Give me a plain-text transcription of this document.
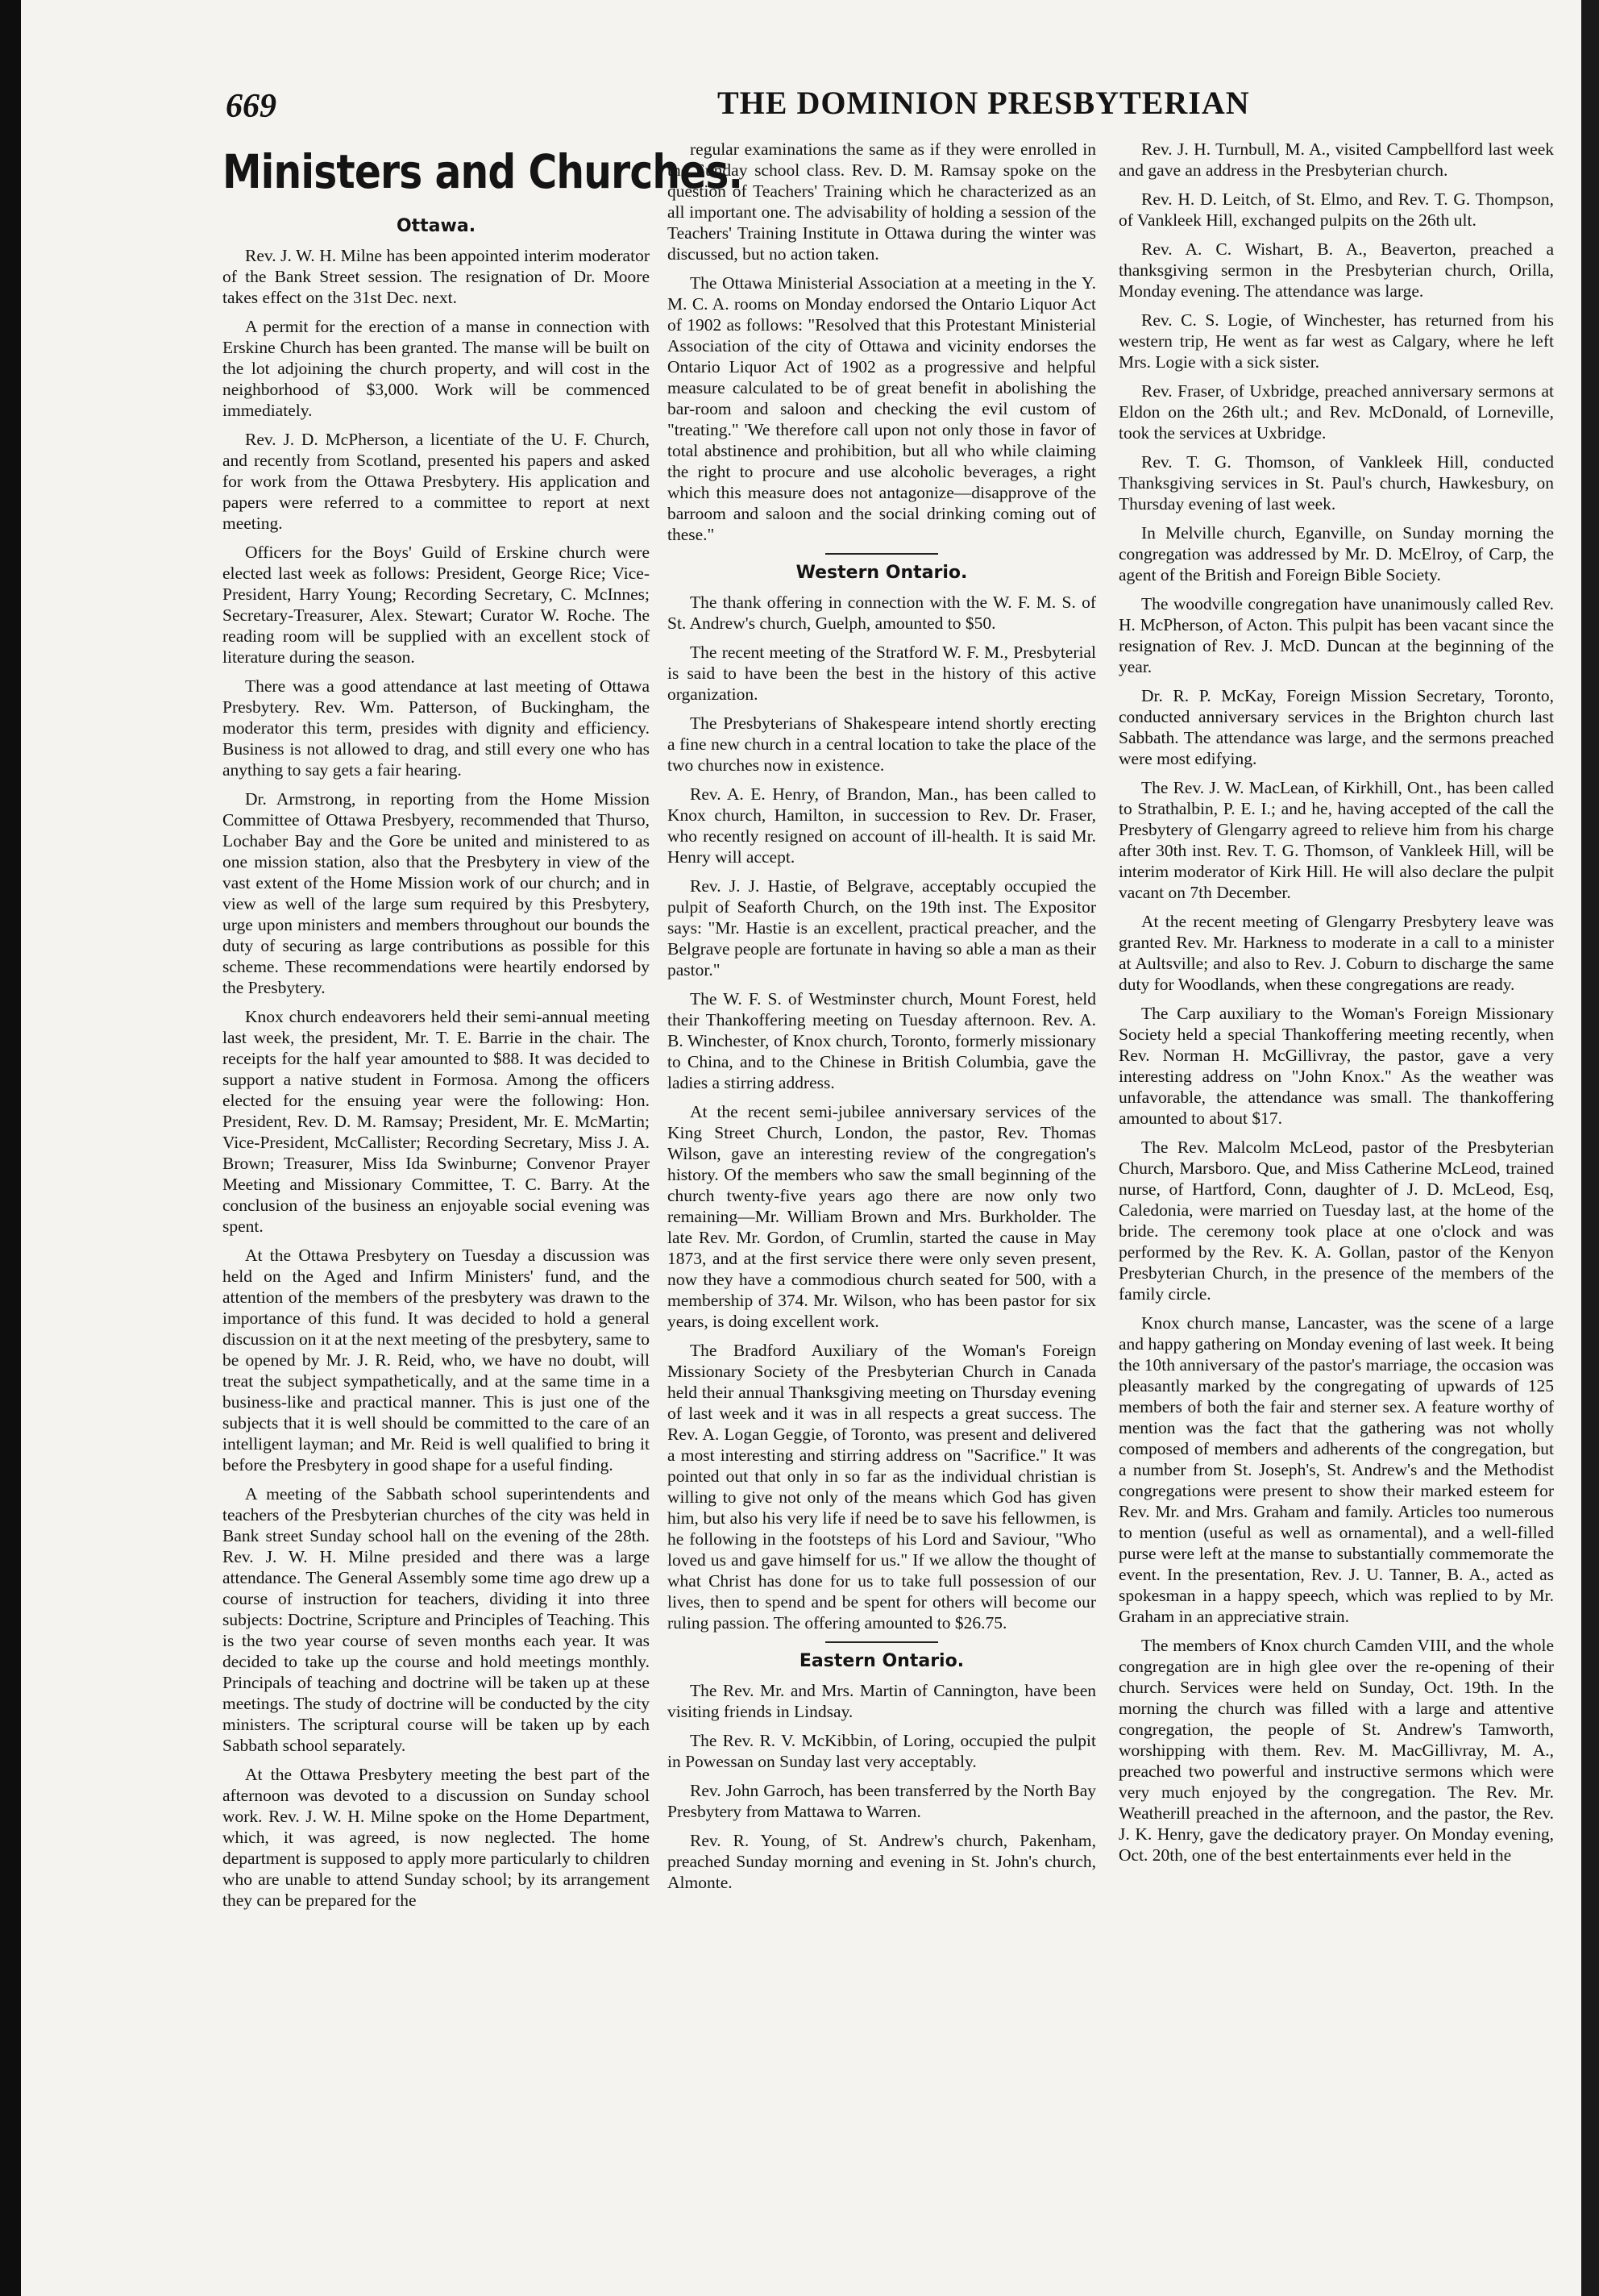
669	THE DOMINION PRESBYTERIAN
Ministers and Churches.
Ottawa.

Rev. J. W. H. Milne has been appointed interim moderator of the Bank Street session. The resignation of Dr. Moore takes effect on the 31st Dec. next.

A permit for the erection of a manse in connection with Erskine Church has been granted. The manse will be built on the lot adjoining the church property, and will cost in the neighborhood of $3,000. Work will be commenced immediately.

Rev. J. D. McPherson, a licentiate of the U. F. Church, and recently from Scotland, presented his papers and asked for work from the Ottawa Presbytery. His application and papers were referred to a committee to report at next meeting.

Officers for the Boys' Guild of Erskine church were elected last week as follows: President, George Rice; Vice-President, Harry Young; Recording Secretary, C. McInnes; Secretary-Treasurer, Alex. Stewart; Curator W. Roche. The reading room will be supplied with an excellent stock of literature during the season.

There was a good attendance at last meeting of Ottawa Presbytery. Rev. Wm. Patterson, of Buckingham, the moderator this term, presides with dignity and efficiency. Business is not allowed to drag, and still every one who has anything to say gets a fair hearing.

Dr. Armstrong, in reporting from the Home Mission Committee of Ottawa Presbyery, recommended that Thurso, Lochaber Bay and the Gore be united and ministered to as one mission station, also that the Presbytery in view of the vast extent of the Home Mission work of our church; and in view as well of the large sum required by this Presbytery, urge upon ministers and members throughout our bounds the duty of securing as large contributions as possible for this scheme. These recommendations were heartily endorsed by the Presbytery.

Knox church endeavorers held their semi-annual meeting last week, the president, Mr. T. E. Barrie in the chair. The receipts for the half year amounted to $88. It was decided to support a native student in Formosa. Among the officers elected for the ensuing year were the following: Hon. President, Rev. D. M. Ramsay; President, Mr. E. McMartin; Vice-President, McCallister; Recording Secretary, Miss J. A. Brown; Treasurer, Miss Ida Swinburne; Convenor Prayer Meeting and Missionary Committee, T. C. Barry. At the conclusion of the business an enjoyable social evening was spent.

At the Ottawa Presbytery on Tuesday a discussion was held on the Aged and Infirm Ministers' fund, and the attention of the members of the presbytery was drawn to the importance of this fund. It was decided to hold a general discussion on it at the next meeting of the presbytery, same to be opened by Mr. J. R. Reid, who, we have no doubt, will treat the subject sympathetically, and at the same time in a business-like and practical manner. This is just one of the subjects that it is well should be committed to the care of an intelligent layman; and Mr. Reid is well qualified to bring it before the Presbytery in good shape for a useful finding.

A meeting of the Sabbath school superintendents and teachers of the Presbyterian churches of the city was held in Bank street Sunday school hall on the evening of the 28th. Rev. J. W. H. Milne presided and there was a large attendance. The General Assembly some time ago drew up a course of instruction for teachers, dividing it into three subjects: Doctrine, Scripture and Principles of Teaching. This is the two year course of seven months each year. It was decided to take up the course and hold meetings monthly. Principals of teaching and doctrine will be taken up at these meetings. The study of doctrine will be conducted by the city ministers. The scriptural course will be taken up by each Sabbath school separately.

At the Ottawa Presbytery meeting the best part of the afternoon was devoted to a discussion on Sunday school work. Rev. J. W. H. Milne spoke on the Home Department, which, it was agreed, is now neglected. The home department is supposed to apply more particularly to children who are unable to attend Sunday school; by its arrangement they can be prepared for the

regular examinations the same as if they were enrolled in the Sunday school class. Rev. D. M. Ramsay spoke on the question of Teachers' Training which he characterized as an all important one. The advisability of holding a session of the Teachers' Training Institute in Ottawa during the winter was discussed, but no action taken.

The Ottawa Ministerial Association at a meeting in the Y. M. C. A. rooms on Monday endorsed the Ontario Liquor Act of 1902 as follows: "Resolved that this Protestant Ministerial Association of the city of Ottawa and vicinity endorses the Ontario Liquor Act of 1902 as a progressive and helpful measure calculated to be of great benefit in abolishing the bar-room and saloon and checking the evil custom of "treating." 'We therefore call upon not only those in favor of total abstinence and prohibition, but all who while claiming the right to procure and use alcoholic beverages, a right which this measure does not antagonize—disapprove of the barroom and saloon and the social drinking coming out of these."

Western Ontario.

The thank offering in connection with the W. F. M. S. of St. Andrew's church, Guelph, amounted to $50.

The recent meeting of the Stratford W. F. M., Presbyterial is said to have been the best in the history of this active organization.

The Presbyterians of Shakespeare intend shortly erecting a fine new church in a central location to take the place of the two churches now in existence.

Rev. A. E. Henry, of Brandon, Man., has been called to Knox church, Hamilton, in succession to Rev. Dr. Fraser, who recently resigned on account of ill-health. It is said Mr. Henry will accept.

Rev. J. J. Hastie, of Belgrave, acceptably occupied the pulpit of Seaforth Church, on the 19th inst. The Expositor says: "Mr. Hastie is an excellent, practical preacher, and the Belgrave people are fortunate in having so able a man as their pastor."

The W. F. S. of Westminster church, Mount Forest, held their Thankoffering meeting on Tuesday afternoon. Rev. A. B. Winchester, of Knox church, Toronto, formerly missionary to China, and to the Chinese in British Columbia, gave the ladies a stirring address.

At the recent semi-jubilee anniversary services of the King Street Church, London, the pastor, Rev. Thomas Wilson, gave an interesting review of the congregation's history. Of the members who saw the small beginning of the church twenty-five years ago there are now only two remaining—Mr. William Brown and Mrs. Burkholder. The late Rev. Mr. Gordon, of Crumlin, started the cause in May 1873, and at the first service there were only seven present, now they have a commodious church seated for 500, with a membership of 374. Mr. Wilson, who has been pastor for six years, is doing excellent work.

The Bradford Auxiliary of the Woman's Foreign Missionary Society of the Presbyterian Church in Canada held their annual Thanksgiving meeting on Thursday evening of last week and it was in all respects a great success. The Rev. A. Logan Geggie, of Toronto, was present and delivered a most interesting and stirring address on "Sacrifice." It was pointed out that only in so far as the individual christian is willing to give not only of the means which God has given him, but also his very life if need be to save his fellowmen, is he following in the footsteps of his Lord and Saviour, "Who loved us and gave himself for us." If we allow the thought of what Christ has done for us to take full possession of our lives, then to spend and be spent for others will become our ruling passion. The offering amounted to $26.75.

Eastern Ontario.

The Rev. Mr. and Mrs. Martin of Cannington, have been visiting friends in Lindsay.

The Rev. R. V. McKibbin, of Loring, occupied the pulpit in Powessan on Sunday last very acceptably.

Rev. John Garroch, has been transferred by the North Bay Presbytery from Mattawa to Warren.

Rev. R. Young, of St. Andrew's church, Pakenham, preached Sunday morning and evening in St. John's church, Almonte.

Rev. J. H. Turnbull, M. A., visited Campbellford last week and gave an address in the Presbyterian church.

Rev. H. D. Leitch, of St. Elmo, and Rev. T. G. Thompson, of Vankleek Hill, exchanged pulpits on the 26th ult.

Rev. A. C. Wishart, B. A., Beaverton, preached a thanksgiving sermon in the Presbyterian church, Orilla, Monday evening. The attendance was large.

Rev. C. S. Logie, of Winchester, has returned from his western trip, He went as far west as Calgary, where he left Mrs. Logie with a sick sister.

Rev. Fraser, of Uxbridge, preached anniversary sermons at Eldon on the 26th ult.; and Rev. McDonald, of Lorneville, took the services at Uxbridge.

Rev. T. G. Thomson, of Vankleek Hill, conducted Thanksgiving services in St. Paul's church, Hawkesbury, on Thursday evening of last week.

In Melville church, Eganville, on Sunday morning the congregation was addressed by Mr. D. McElroy, of Carp, the agent of the British and Foreign Bible Society.

The woodville congregation have unanimously called Rev. H. McPherson, of Acton. This pulpit has been vacant since the resignation of Rev. J. McD. Duncan at the beginning of the year.

Dr. R. P. McKay, Foreign Mission Secretary, Toronto, conducted anniversary services in the Brighton church last Sabbath. The attendance was large, and the sermons preached were most edifying.

The Rev. J. W. MacLean, of Kirkhill, Ont., has been called to Strathalbin, P. E. I.; and he, having accepted of the call the Presbytery of Glengarry agreed to relieve him from his charge after 30th inst. Rev. T. G. Thomson, of Vankleek Hill, will be interim moderator of Kirk Hill. He will also declare the pulpit vacant on 7th December.

At the recent meeting of Glengarry Presbytery leave was granted Rev. Mr. Harkness to moderate in a call to a minister at Aultsville; and also to Rev. J. Coburn to discharge the same duty for Woodlands, when these congregations are ready.

The Carp auxiliary to the Woman's Foreign Missionary Society held a special Thankoffering meeting recently, when Rev. Norman H. McGillivray, the pastor, gave a very interesting address on "John Knox." As the weather was unfavorable, the attendance was small. The thankoffering amounted to about $17.

The Rev. Malcolm McLeod, pastor of the Presbyterian Church, Marsboro. Que, and Miss Catherine McLeod, trained nurse, of Hartford, Conn, daughter of J. D. McLeod, Esq, Caledonia, were married on Tuesday last, at the home of the bride. The ceremony took place at one o'clock and was performed by the Rev. K. A. Gollan, pastor of the Kenyon Presbyterian Church, in the presence of the members of the family circle.

Knox church manse, Lancaster, was the scene of a large and happy gathering on Monday evening of last week. It being the 10th anniversary of the pastor's marriage, the occasion was pleasantly marked by the congregating of upwards of 125 members of both the fair and sterner sex. A feature worthy of mention was the fact that the gathering was not wholly composed of members and adherents of the congregation, but a number from St. Joseph's, St. Andrew's and the Methodist congregations were present to show their marked esteem for Rev. Mr. and Mrs. Graham and family. Articles too numerous to mention (useful as well as ornamental), and a well-filled purse were left at the manse to substantially commemorate the event. In the presentation, Rev. J. U. Tanner, B. A., acted as spokesman in a happy speech, which was replied to by Mr. Graham in an appreciative strain.

The members of Knox church Camden VIII, and the whole congregation are in high glee over the re-opening of their church. Services were held on Sunday, Oct. 19th. In the morning the church was filled with a large and attentive congregation, the people of St. Andrew's Tamworth, worshipping with them. Rev. M. MacGillivray, M. A., preached two powerful and instructive sermons which were very much enjoyed by the congregation. The Rev. Mr. Weatherill preached in the afternoon, and the pastor, the Rev. J. K. Henry, gave the dedicatory prayer. On Monday evening, Oct. 20th, one of the best entertainments ever held in the
